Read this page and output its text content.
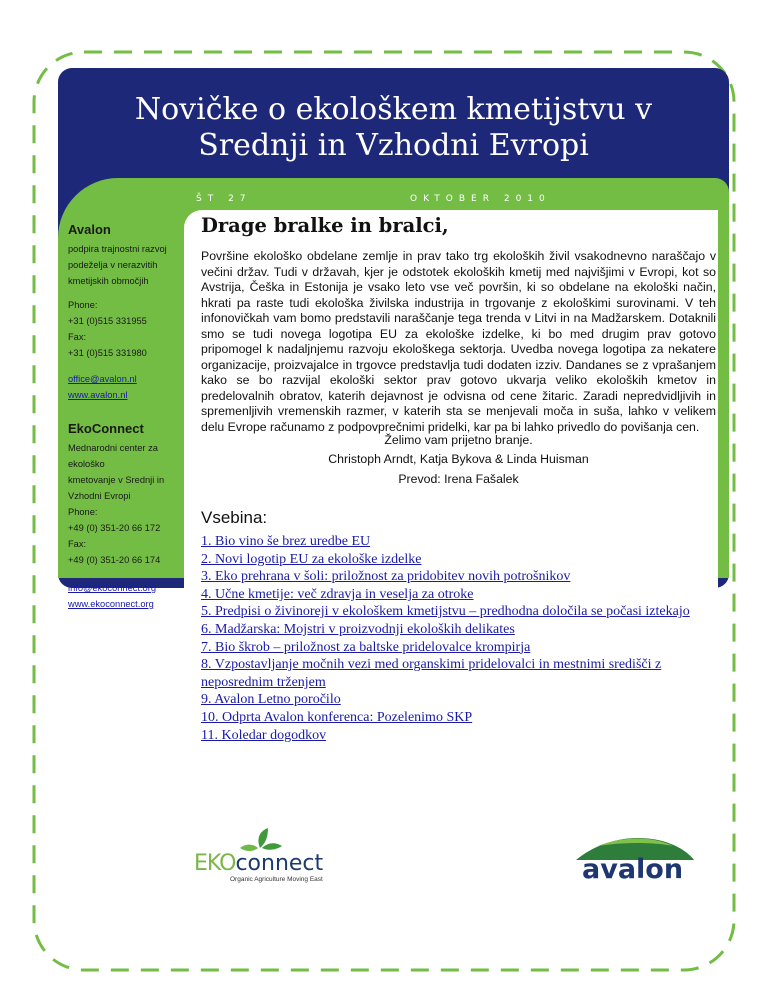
Novičke o ekološkem kmetijstvu v
Srednji in Vzhodni Evropi
ŠT 27	OKTOBER 2010
Avalon
podpira trajnostni razvoj
podeželja v nerazvitih
kmetijskih območjih
Phone:
+31 (0)515 331955
Fax:
+31 (0)515 331980
office@avalon.nl
www.avalon.nl
EkoConnect
Mednarodni center za
ekološko
kmetovanje v Srednji in
Vzhodni Evropi
Phone:
+49 (0) 351-20 66 172
Fax:
+49 (0) 351-20 66 174
info@ekoconnect.org
www.ekoconnect.org
Drage bralke in bralci,
Površine ekološko obdelane zemlje in prav tako trg ekoloških živil vsakodnevno naraščajo v večini držav. Tudi v državah, kjer je odstotek ekoloških kmetij med najvišjimi v Evropi, kot so Avstrija, Češka in Estonija je vsako leto vse več površin, ki so obdelane na ekološki način, hkrati pa raste tudi ekološka živilska industrija in trgovanje z ekološkimi surovinami. V teh infonovičkah vam bomo predstavili naraščanje tega trenda v Litvi in na Madžarskem. Dotaknili smo se tudi novega logotipa EU za ekološke izdelke, ki bo med drugim prav gotovo pripomogel k nadaljnjemu razvoju ekološkega sektorja. Uvedba novega logotipa za nekatere organizacije, proizvajalce in trgovce predstavlja tudi dodaten izziv. Dandanes se z vprašanjem kako se bo razvijal ekološki sektor prav gotovo ukvarja veliko ekoloških kmetov in predelovalnih obratov, katerih dejavnost je odvisna od cene žitaric. Zaradi nepredvidljivih in spremenljivih vremenskih razmer, v katerih sta se menjevali moča in suša, lahko v velikem delu Evrope računamo z podpovprečnimi pridelki, kar pa bi lahko privedlo do povišanja cen.
Želimo vam prijetno branje.
Christoph Arndt, Katja Bykova & Linda Huisman
Prevod: Irena Fašalek
Vsebina:
1. Bio vino še brez uredbe EU
2. Novi logotip EU za ekološke izdelke
3. Eko prehrana v šoli: priložnost za pridobitev novih potrošnikov
4. Učne kmetije: več zdravja in veselja za otroke
5. Predpisi o živinoreji v ekološkem kmetijstvu – predhodna določila se počasi iztekajo
6. Madžarska: Mojstri v proizvodnji ekoloških delikates
7. Bio škrob – priložnost za baltske pridelovalce krompirja
8. Vzpostavljanje močnih vezi med organskimi pridelovalci in mestnimi središči z neposrednim trženjem
9. Avalon Letno poročilo
10. Odprta Avalon konferenca: Pozelenimo SKP
11. Koledar dogodkov
EKOconnect
Organic Agriculture Moving East	avalon
